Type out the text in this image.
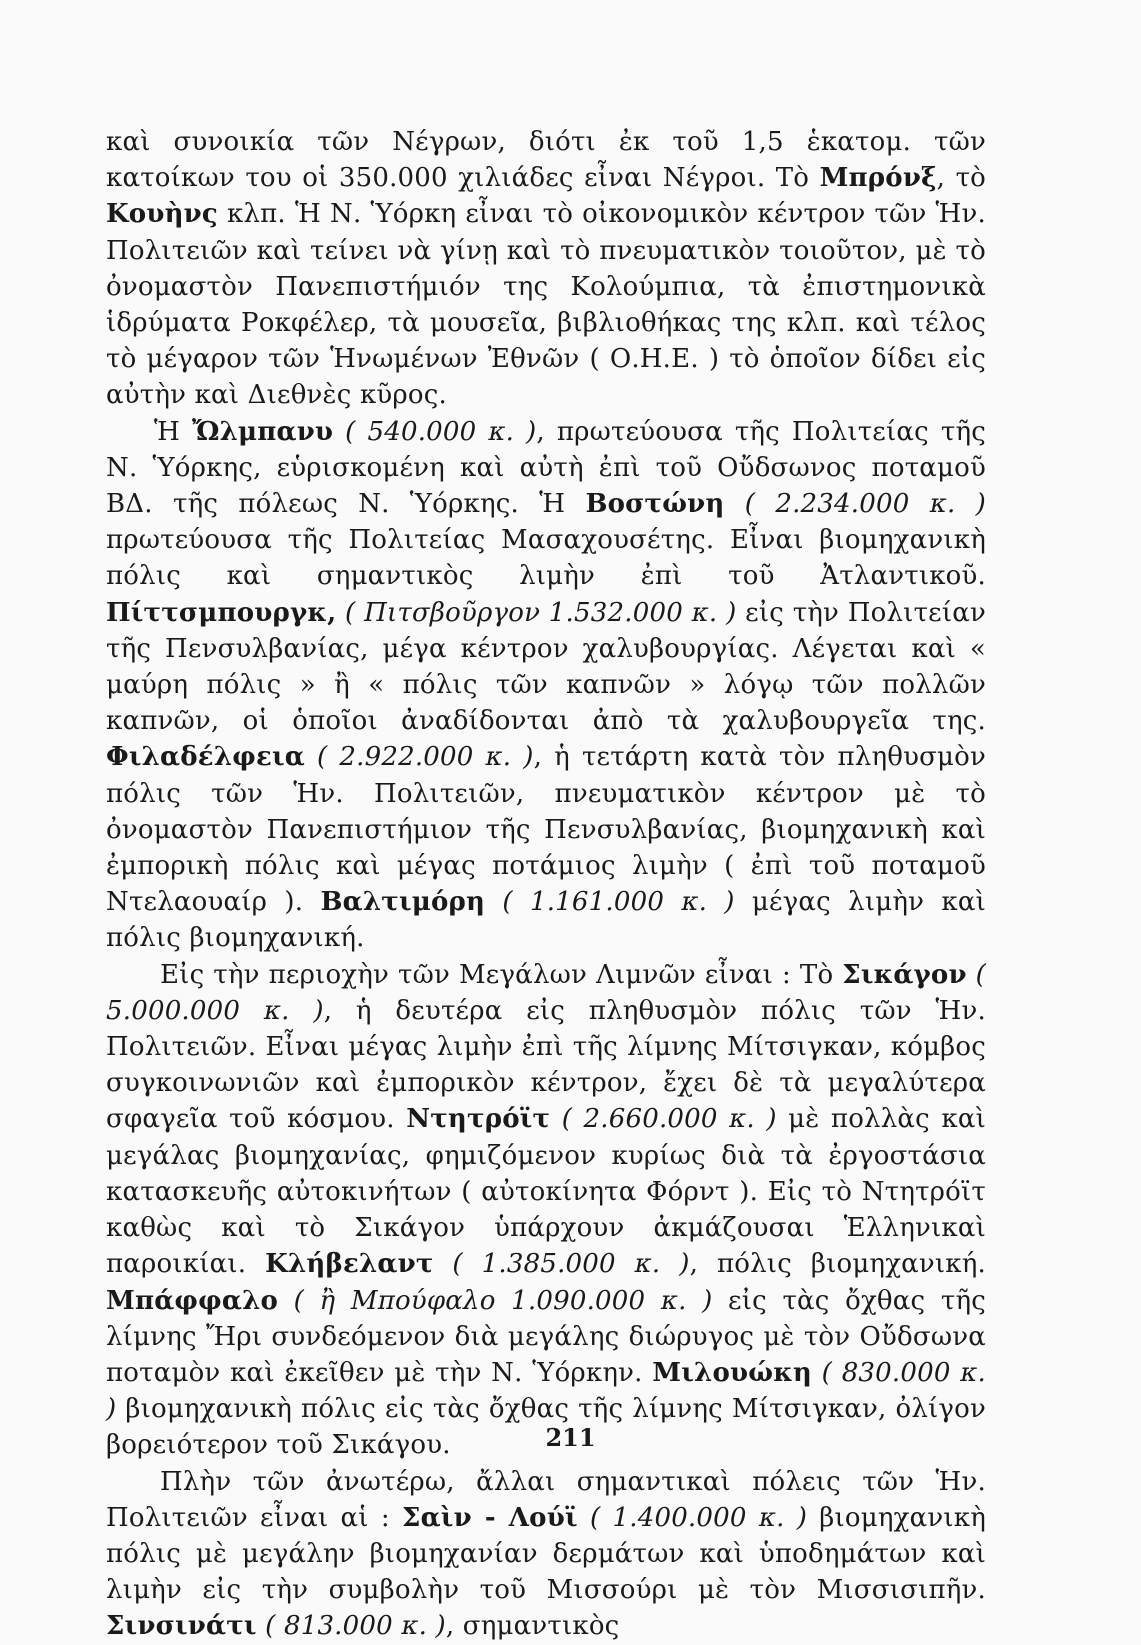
καὶ συνοικία τῶν Νέγρων, διότι ἐκ τοῦ 1,5 ἑκατομ. τῶν κατοίκων του οἱ 350.000 χιλιάδες εἶναι Νέγροι. Τὸ Μπρόνξ, τὸ Κουὴνς κλπ. Ἡ Ν. Ὑόρκη εἶναι τὸ οἰκονομικὸν κέντρον τῶν Ἡν. Πολιτειῶν καὶ τείνει νὰ γίνῃ καὶ τὸ πνευματικὸν τοιοῦτον, μὲ τὸ ὀνομαστὸν Πανεπιστήμιόν της Κολούμπια, τὰ ἐπιστημονικὰ ἱδρύματα Ροκφέλερ, τὰ μουσεῖα, βιβλιοθήκας της κλπ. καὶ τέλος τὸ μέγαρον τῶν Ἡνωμένων Ἐθνῶν ( Ο.Η.Ε. ) τὸ ὁποῖον δίδει εἰς αὐτὴν καὶ Διεθνὲς κῦρος.

Ἡ Ὤλμπανυ ( 540.000 κ. ), πρωτεύουσα τῆς Πολιτείας τῆς Ν. Ὑόρκης, εὑρισκομένη καὶ αὐτὴ ἐπὶ τοῦ Οὔδσωνος ποταμοῦ ΒΔ. τῆς πόλεως Ν. Ὑόρκης. Ἡ Βοστώνη ( 2.234.000 κ. ) πρωτεύουσα τῆς Πολιτείας Μασαχουσέτης. Εἶναι βιομηχανικὴ πόλις καὶ σημαντικὸς λιμὴν ἐπὶ τοῦ Ἀτλαντικοῦ. Πίττσμπουργκ, ( Πιτσβοῦργον 1.532.000 κ. ) εἰς τὴν Πολιτείαν τῆς Πενσυλβανίας, μέγα κέντρον χαλυβουργίας. Λέγεται καὶ « μαύρη πόλις » ἢ « πόλις τῶν καπνῶν » λόγῳ τῶν πολλῶν καπνῶν, οἱ ὁποῖοι ἀναδίδονται ἀπὸ τὰ χαλυβουργεῖα της. Φιλαδέλφεια ( 2.922.000 κ. ), ἡ τετάρτη κατὰ τὸν πληθυσμὸν πόλις τῶν Ἡν. Πολιτειῶν, πνευματικὸν κέντρον μὲ τὸ ὀνομαστὸν Πανεπιστήμιον τῆς Πενσυλβανίας, βιομηχανικὴ καὶ ἐμπορικὴ πόλις καὶ μέγας ποτάμιος λιμὴν ( ἐπὶ τοῦ ποταμοῦ Ντελαουαίρ ). Βαλτιμόρη ( 1.161.000 κ. ) μέγας λιμὴν καὶ πόλις βιομηχανική.

Εἰς τὴν περιοχὴν τῶν Μεγάλων Λιμνῶν εἶναι : Τὸ Σικάγον ( 5.000.000 κ. ), ἡ δευτέρα εἰς πληθυσμὸν πόλις τῶν Ἡν. Πολιτειῶν. Εἶναι μέγας λιμὴν ἐπὶ τῆς λίμνης Μίτσιγκαν, κόμβος συγκοινωνιῶν καὶ ἐμπορικὸν κέντρον, ἔχει δὲ τὰ μεγαλύτερα σφαγεῖα τοῦ κόσμου. Ντητρόϊτ ( 2.660.000 κ. ) μὲ πολλὰς καὶ μεγάλας βιομηχανίας, φημιζόμενον κυρίως διὰ τὰ ἐργοστάσια κατασκευῆς αὐτοκινήτων ( αὐτοκίνητα Φόρντ ). Εἰς τὸ Ντητρόϊτ καθὼς καὶ τὸ Σικάγον ὑπάρχουν ἀκμάζουσαι Ἑλληνικαὶ παροικίαι. Κλήβελαντ ( 1.385.000 κ. ), πόλις βιομηχανική. Μπάφφαλο ( ἢ Μπούφαλο 1.090.000 κ. ) εἰς τὰς ὄχθας τῆς λίμνης Ἤρι συνδεόμενον διὰ μεγάλης διώρυγος μὲ τὸν Οὔδσωνα ποταμὸν καὶ ἐκεῖθεν μὲ τὴν Ν. Ὑόρκην. Μιλουώκη ( 830.000 κ. ) βιομηχανικὴ πόλις εἰς τὰς ὄχθας τῆς λίμνης Μίτσιγκαν, ὀλίγον βορειότερον τοῦ Σικάγου.

Πλὴν τῶν ἀνωτέρω, ἄλλαι σημαντικαὶ πόλεις τῶν Ἡν. Πολιτειῶν εἶναι αἱ : Σαὶν - Λούϊ ( 1.400.000 κ. ) βιομηχανικὴ πόλις μὲ μεγάλην βιομηχανίαν δερμάτων καὶ ὑποδημάτων καὶ λιμὴν εἰς τὴν συμβολὴν τοῦ Μισσούρι μὲ τὸν Μισσισιπῆν. Σινσινάτι ( 813.000 κ. ), σημαντικὸς

211
